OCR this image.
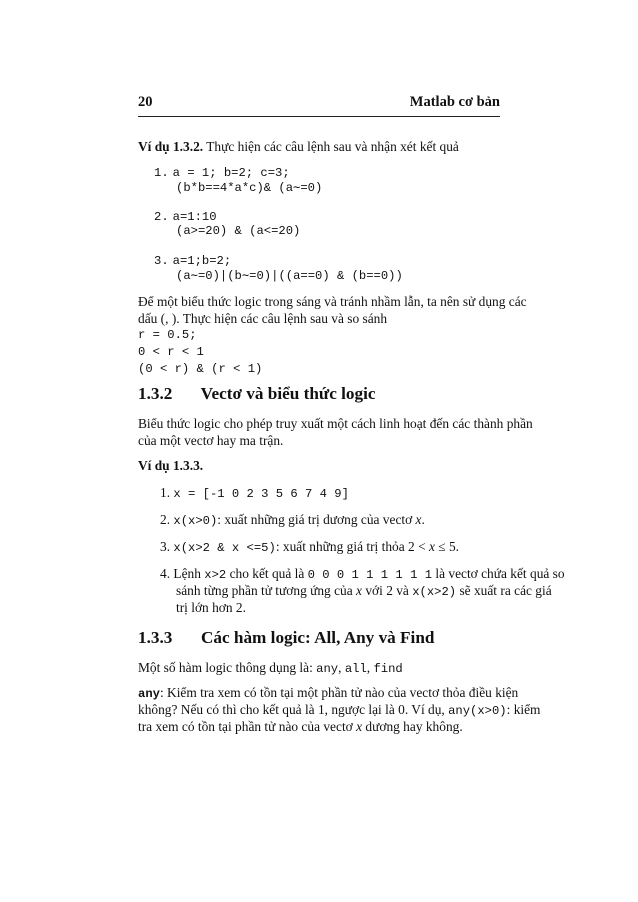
20	Matlab cơ bản
Ví dụ 1.3.2. Thực hiện các câu lệnh sau và nhận xét kết quả
1. a = 1; b=2; c=3;
(b*b==4*a*c)& (a∼=0)
2. a=1:10
(a>=20) & (a<=20)
3. a=1;b=2;
(a∼=0)|(b∼=0)|((a==0) & (b==0))
Để một biểu thức logic trong sáng và tránh nhầm lẫn, ta nên sử dụng các
dấu (, ). Thực hiện các câu lệnh sau và so sánh
r = 0.5;
0 < r < 1
(0 < r) & (r < 1)
1.3.2 Vectơ và biểu thức logic
Biểu thức logic cho phép truy xuất một cách linh hoạt đến các thành phần
của một vectơ hay ma trận.
Ví dụ 1.3.3.
1. x = [-1 0 2 3 5 6 7 4 9]
2. x(x>0): xuất những giá trị dương của vectơ x.
3. x(x>2 & x <=5): xuất những giá trị thỏa 2 < x ≤ 5.
4. Lệnh x>2 cho kết quả là 0 0 0 1 1 1 1 1 1 là vectơ chứa kết quả so
sánh từng phần tử tương ứng của x với 2 và x(x>2) sẽ xuất ra các giá
trị lớn hơn 2.
1.3.3 Các hàm logic: All, Any và Find
Một số hàm logic thông dụng là: any, all, find
any: Kiểm tra xem có tồn tại một phần tử nào của vectơ thỏa điều kiện
không? Nếu có thì cho kết quả là 1, ngược lại là 0. Ví dụ, any(x>0): kiểm
tra xem có tồn tại phần tử nào của vectơ x dương hay không.
